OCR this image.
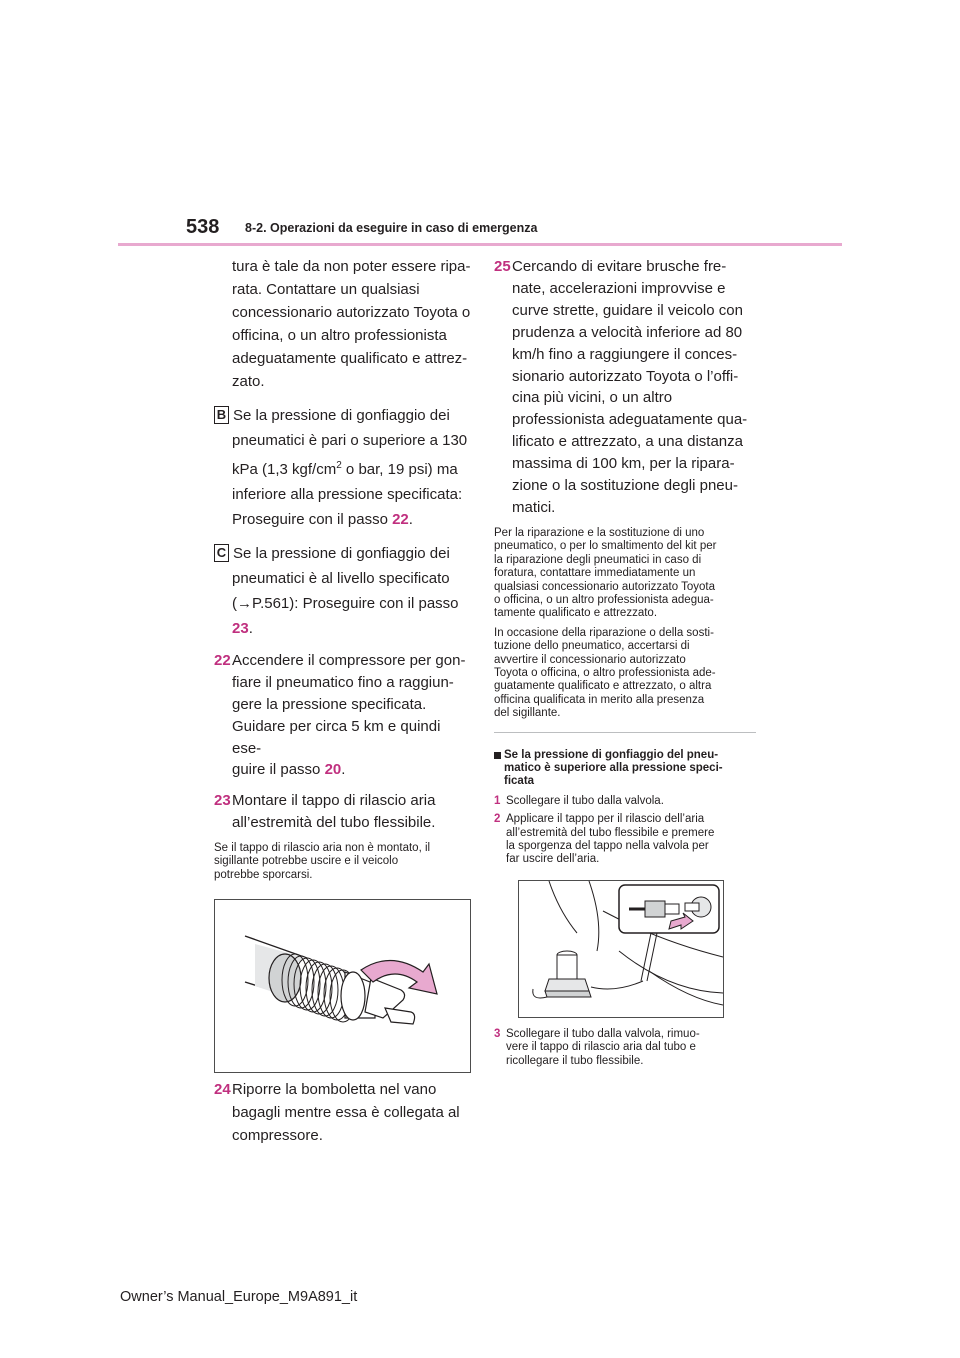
538 8-2. Operazioni da eseguire in caso di emergenza
tura è tale da non poter essere ripa-
rata. Contattare un qualsiasi
concessionario autorizzato Toyota o
officina, o un altro professionista
adeguatamente qualificato e attrez-
zato.
B Se la pressione di gonfiaggio dei
pneumatici è pari o superiore a 130
kPa (1,3 kgf/$cm^2$ o bar, 19 psi) ma
inferiore alla pressione specificata:
Proseguire con il passo 22.
C Se la pressione di gonfiaggio dei
pneumatici è al livello specificato
(→P.561): Proseguire con il passo
23.
22 Accendere il compressore per gon-
fiare il pneumatico fino a raggiun-
gere la pressione specificata.
Guidare per circa 5 km e quindi ese-
guire il passo 20.
23 Montare il tappo di rilascio aria
all’estremità del tubo flessibile.
Se il tappo di rilascio aria non è montato, il
sigillante potrebbe uscire e il veicolo
potrebbe sporcarsi.
24 Riporre la bomboletta nel vano
bagagli mentre essa è collegata al
compressore.
25 Cercando di evitare brusche fre-
nate, accelerazioni improvvise e
curve strette, guidare il veicolo con
prudenza a velocità inferiore ad 80
km/h fino a raggiungere il conces-
sionario autorizzato Toyota o l’offi-
cina più vicini, o un altro
professionista adeguatamente qua-
lificato e attrezzato, a una distanza
massima di 100 km, per la ripara-
zione o la sostituzione degli pneu-
matici.
Per la riparazione e la sostituzione di uno
pneumatico, o per lo smaltimento del kit per
la riparazione degli pneumatici in caso di
foratura, contattare immediatamente un
qualsiasi concessionario autorizzato Toyota
o officina, o un altro professionista adegua-
tamente qualificato e attrezzato.
In occasione della riparazione o della sosti-
tuzione dello pneumatico, accertarsi di
avvertire il concessionario autorizzato
Toyota o officina, o altro professionista ade-
guatamente qualificato e attrezzato, o altra
officina qualificata in merito alla presenza
del sigillante.
Se la pressione di gonfiaggio del pneu-
matico è superiore alla pressione speci-
ficata
1 Scollegare il tubo dalla valvola.
2 Applicare il tappo per il rilascio dell’aria
all’estremità del tubo flessibile e premere
la sporgenza del tappo nella valvola per
far uscire dell’aria.
3 Scollegare il tubo dalla valvola, rimuo-
vere il tappo di rilascio aria dal tubo e
ricollegare il tubo flessibile.
Owner’s Manual_Europe_M9A891_it
